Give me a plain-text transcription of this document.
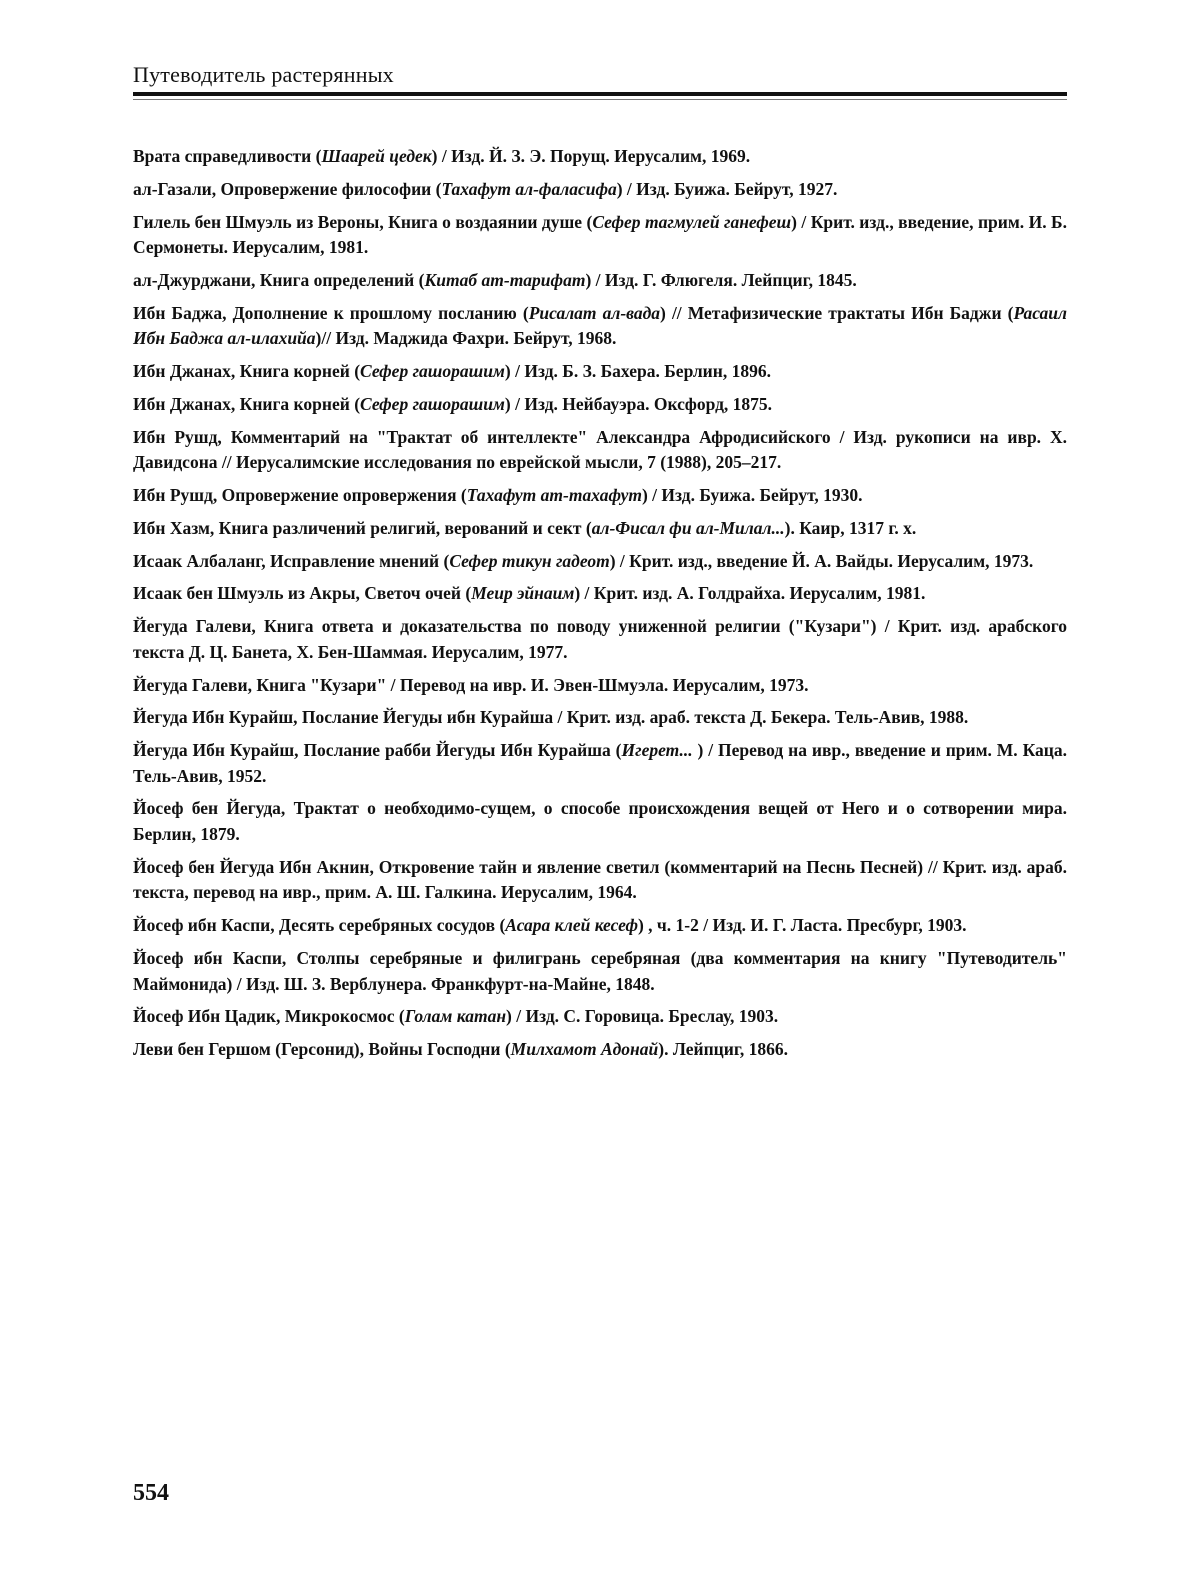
Путеводитель растерянных
Врата справедливости (Шаарей цедек) / Изд. Й. З. Э. Порущ. Иерусалим, 1969.
ал-Газали, Опровержение философии (Тахафут ал-фаласифа) / Изд. Буижа. Бейрут, 1927.
Гилель бен Шмуэль из Вероны, Книга о воздаянии душе (Сефер тагмулей ганефеш) / Крит. изд., введение, прим. И. Б. Сермонеты. Иерусалим, 1981.
ал-Джурджани, Книга определений (Китаб ат-тарифат) / Изд. Г. Флюгеля. Лейпциг, 1845.
Ибн Баджа, Дополнение к прошлому посланию (Рисалат ал-вада) // Метафизические трактаты Ибн Баджи (Расаил Ибн Баджа ал-илахийа)// Изд. Маджида Фахри. Бейрут, 1968.
Ибн Джанах, Книга корней (Сефер гашорашим) / Изд. Б. З. Бахера. Берлин, 1896.
Ибн Джанах, Книга корней (Сефер гашорашим) / Изд. Нейбауэра. Оксфорд, 1875.
Ибн Рушд, Комментарий на "Трактат об интеллекте" Александра Афродисийского / Изд. рукописи на ивр. Х. Давидсона // Иерусалимские исследования по еврейской мысли, 7 (1988), 205–217.
Ибн Рушд, Опровержение опровержения (Тахафут ат-тахафут) / Изд. Буижа. Бейрут, 1930.
Ибн Хазм, Книга различений религий, верований и сект (ал-Фисал фи ал-Милал...). Каир, 1317 г. х.
Исаак Албаланг, Исправление мнений (Сефер тикун гадеот) / Крит. изд., введение Й. А. Вайды. Иерусалим, 1973.
Исаак бен Шмуэль из Акры, Светоч очей (Меир эйнаим) / Крит. изд. А. Голдрайха. Иерусалим, 1981.
Йегуда Галеви, Книга ответа и доказательства по поводу униженной религии ("Кузари") / Крит. изд. арабского текста Д. Ц. Банета, Х. Бен-Шаммая. Иерусалим, 1977.
Йегуда Галеви, Книга "Кузари" / Перевод на ивр. И. Эвен-Шмуэла. Иерусалим, 1973.
Йегуда Ибн Курайш, Послание Йегуды ибн Курайша / Крит. изд. араб. текста Д. Бекера. Тель-Авив, 1988.
Йегуда Ибн Курайш, Послание рабби Йегуды Ибн Курайша (Игерет... ) / Перевод на ивр., введение и прим. М. Каца. Тель-Авив, 1952.
Йосеф бен Йегуда, Трактат о необходимо-сущем, о способе происхождения вещей от Него и о сотворении мира. Берлин, 1879.
Йосеф бен Йегуда Ибн Акнин, Откровение тайн и явление светил (комментарий на Песнь Песней) // Крит. изд. араб. текста, перевод на ивр., прим. А. Ш. Галкина. Иерусалим, 1964.
Йосеф ибн Каспи, Десять серебряных сосудов (Асара клей кесеф) , ч. 1-2 / Изд. И. Г. Ласта. Пресбург, 1903.
Йосеф ибн Каспи, Столпы серебряные и филигрань серебряная (два комментария на книгу "Путеводитель" Маймонида) / Изд. Ш. З. Верблунера. Франкфурт-на-Майне, 1848.
Йосеф Ибн Цадик, Микрокосмос (Голам катан) / Изд. С. Горовица. Бреслау, 1903.
Леви бен Гершом (Герсонид), Войны Господни (Милхамот Адонай). Лейпциг, 1866.
554
